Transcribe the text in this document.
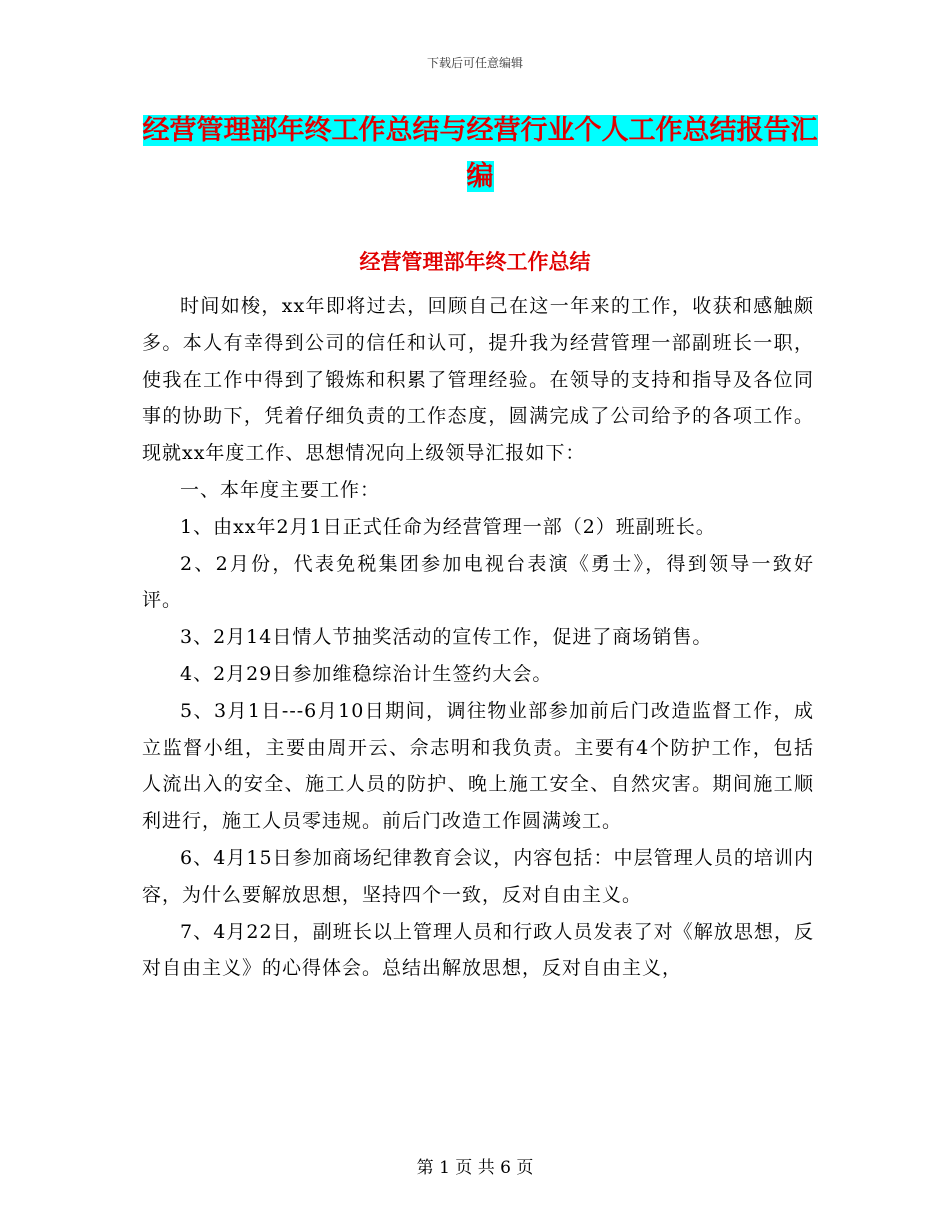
下载后可任意编辑
经营管理部年终工作总结与经营行业个人工作总结报告汇编
经营管理部年终工作总结

时间如梭，xx年即将过去，回顾自己在这一年来的工作，收获和感触颇多。本人有幸得到公司的信任和认可，提升我为经营管理一部副班长一职，使我在工作中得到了锻炼和积累了管理经验。在领导的支持和指导及各位同事的协助下，凭着仔细负责的工作态度，圆满完成了公司给予的各项工作。现就xx年度工作、思想情况向上级领导汇报如下：

一、本年度主要工作：

1、由xx年2月1日正式任命为经营管理一部（2）班副班长。

2、2月份，代表免税集团参加电视台表演《勇士》，得到领导一致好评。

3、2月14日情人节抽奖活动的宣传工作，促进了商场销售。

4、2月29日参加维稳综治计生签约大会。

5、3月1日---6月10日期间，调往物业部参加前后门改造监督工作，成立监督小组，主要由周开云、佘志明和我负责。主要有4个防护工作，包括人流出入的安全、施工人员的防护、晚上施工安全、自然灾害。期间施工顺利进行，施工人员零违规。前后门改造工作圆满竣工。

6、4月15日参加商场纪律教育会议，内容包括：中层管理人员的培训内容，为什么要解放思想，坚持四个一致，反对自由主义。

7、4月22日，副班长以上管理人员和行政人员发表了对《解放思想，反对自由主义》的心得体会。总结出解放思想，反对自由主义，

第 1 页 共 6 页
